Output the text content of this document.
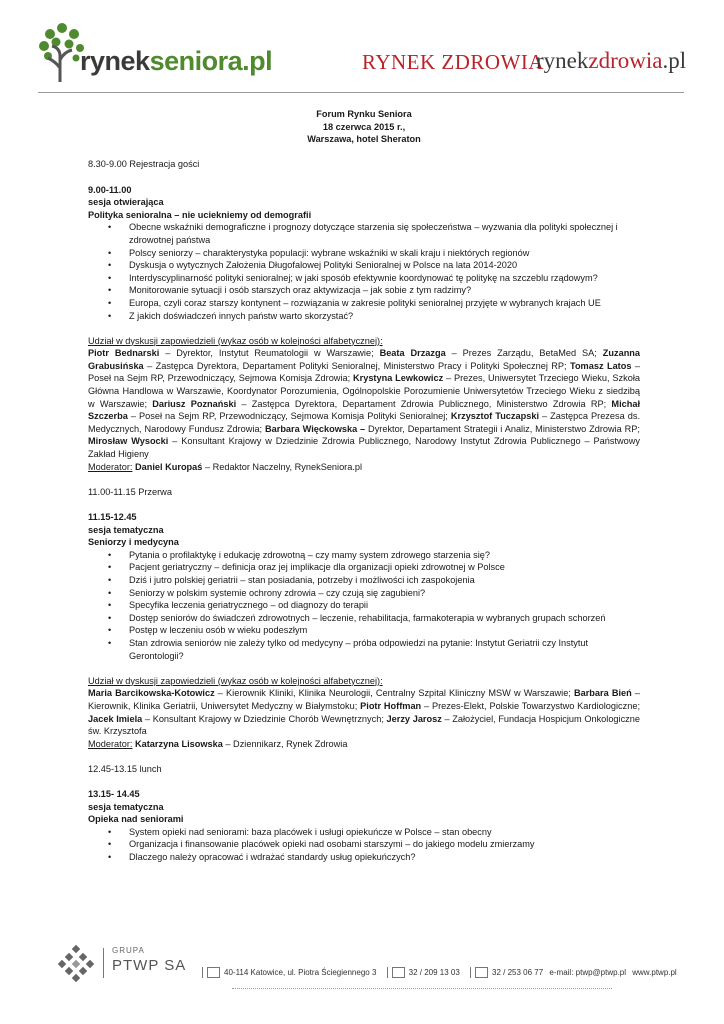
rynekseniora.pl	RYNEK ZDROWIA
rynekzdrowia.pl
Forum Rynku Seniora
18 czerwca 2015 r.,
Warszawa, hotel Sheraton
8.30-9.00 Rejestracja gości
9.00-11.00
sesja otwierająca
Polityka senioralna – nie uciekniemy od demografii
• Obecne wskaźniki demograficzne i prognozy dotyczące starzenia się społeczeństwa – wyzwania dla polityki społecznej i zdrowotnej państwa
• Polscy seniorzy – charakterystyka populacji: wybrane wskaźniki w skali kraju i niektórych regionów
• Dyskusja o wytycznych Założenia Długofalowej Polityki Senioralnej w Polsce na lata 2014-2020
• Interdyscyplinarność polityki senioralnej; w jaki sposób efektywnie koordynować tę politykę na szczeblu rządowym?
• Monitorowanie sytuacji i osób starszych oraz aktywizacja – jak sobie z tym radzimy?
• Europa, czyli coraz starszy kontynent – rozwiązania w zakresie polityki senioralnej przyjęte w wybranych krajach UE
• Z jakich doświadczeń innych państw warto skorzystać?
Udział w dyskusji zapowiedzieli (wykaz osób w kolejności alfabetycznej):
Piotr Bednarski – Dyrektor, Instytut Reumatologii w Warszawie; Beata Drzazga – Prezes Zarządu, BetaMed SA; Zuzanna Grabusińska – Zastępca Dyrektora, Departament Polityki Senioralnej, Ministerstwo Pracy i Polityki Społecznej RP; Tomasz Latos – Poseł na Sejm RP, Przewodniczący, Sejmowa Komisja Zdrowia; Krystyna Lewkowicz – Prezes, Uniwersytet Trzeciego Wieku, Szkoła Główna Handlowa w Warszawie, Koordynator Porozumienia, Ogólnopolskie Porozumienie Uniwersytetów Trzeciego Wieku z siedzibą w Warszawie; Dariusz Poznański – Zastępca Dyrektora, Departament Zdrowia Publicznego, Ministerstwo Zdrowia RP; Michał Szczerba – Poseł na Sejm RP, Przewodniczący, Sejmowa Komisja Polityki Senioralnej; Krzysztof Tuczapski – Zastępca Prezesa ds. Medycznych, Narodowy Fundusz Zdrowia; Barbara Więckowska – Dyrektor, Departament Strategii i Analiz, Ministerstwo Zdrowia RP; Mirosław Wysocki – Konsultant Krajowy w Dziedzinie Zdrowia Publicznego, Narodowy Instytut Zdrowia Publicznego – Państwowy Zakład Higieny
Moderator: Daniel Kuropaś – Redaktor Naczelny, RynekSeniora.pl
11.00-11.15 Przerwa
11.15-12.45
sesja tematyczna
Seniorzy i medycyna
• Pytania o profilaktykę i edukację zdrowotną – czy mamy system zdrowego starzenia się?
• Pacjent geriatryczny – definicja oraz jej implikacje dla organizacji opieki zdrowotnej w Polsce
• Dziś i jutro polskiej geriatrii – stan posiadania, potrzeby i możliwości ich zaspokojenia
• Seniorzy w polskim systemie ochrony zdrowia – czy czują się zagubieni?
• Specyfika leczenia geriatrycznego – od diagnozy do terapii
• Dostęp seniorów do świadczeń zdrowotnych – leczenie, rehabilitacja, farmakoterapia w wybranych grupach schorzeń
• Postęp w leczeniu osób w wieku podeszłym
• Stan zdrowia seniorów nie zależy tylko od medycyny – próba odpowiedzi na pytanie: Instytut Geriatrii czy Instytut Gerontologii?
Udział w dyskusji zapowiedzieli (wykaz osób w kolejności alfabetycznej):
Maria Barcikowska-Kotowicz – Kierownik Kliniki, Klinika Neurologii, Centralny Szpital Kliniczny MSW w Warszawie; Barbara Bień – Kierownik, Klinika Geriatrii, Uniwersytet Medyczny w Białymstoku; Piotr Hoffman – Prezes-Elekt, Polskie Towarzystwo Kardiologiczne; Jacek Imiela – Konsultant Krajowy w Dziedzinie Chorób Wewnętrznych; Jerzy Jarosz – Założyciel, Fundacja Hospicjum Onkologiczne św. Krzysztofa
Moderator: Katarzyna Lisowska – Dziennikarz, Rynek Zdrowia
12.45-13.15 lunch
13.15- 14.45
sesja tematyczna
Opieka nad seniorami
• System opieki nad seniorami: baza placówek i usługi opiekuńcze w Polsce – stan obecny
• Organizacja i finansowanie placówek opieki nad osobami starszymi – do jakiego modelu zmierzamy
• Dlaczego należy opracować i wdrażać standardy usług opiekuńczych?
GRUPA
PTWP SA	40-114 Katowice, ul. Piotra Ściegiennego 3	32 / 209 13 03	32 / 253 06 77 e-mail: ptwp@ptwp.pl www.ptwp.pl
